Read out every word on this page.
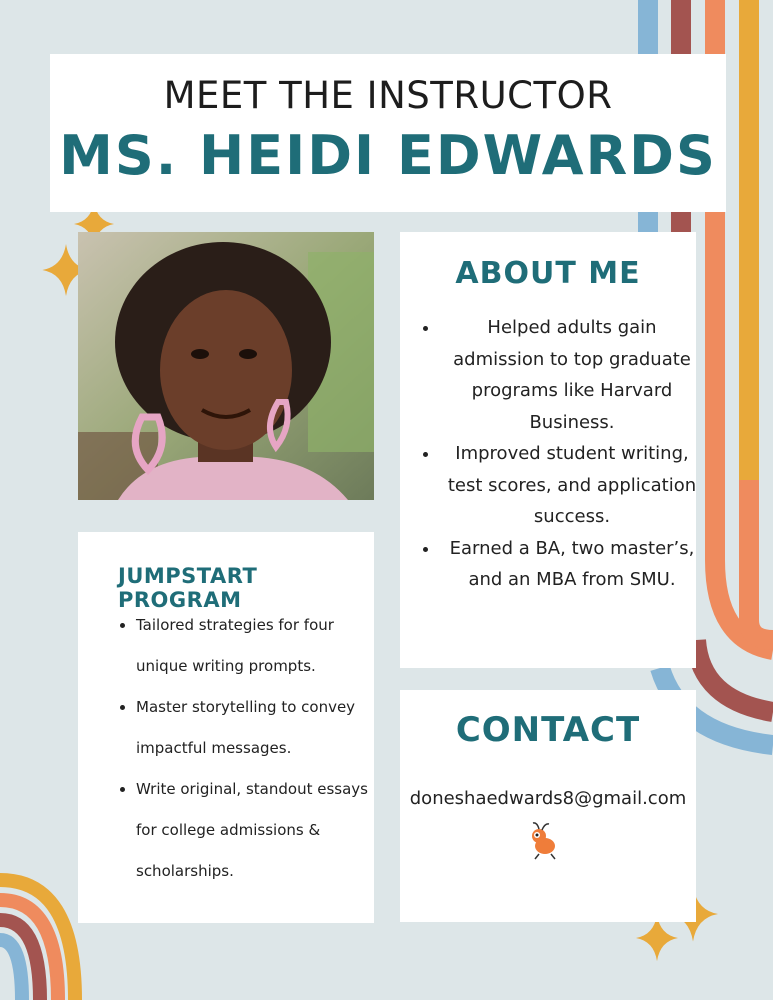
MEET THE INSTRUCTOR
MS. HEIDI EDWARDS
ABOUT ME
• Helped adults gain admission to top graduate programs like Harvard Business.
• Improved student writing, test scores, and application success.
• Earned a BA, two master’s, and an MBA from SMU.
JUMPSTART PROGRAM
• Tailored strategies for four unique writing prompts.
• Master storytelling to convey impactful messages.
• Write original, standout essays for college admissions & scholarships.
CONTACT
doneshaedwards8@gmail.com
